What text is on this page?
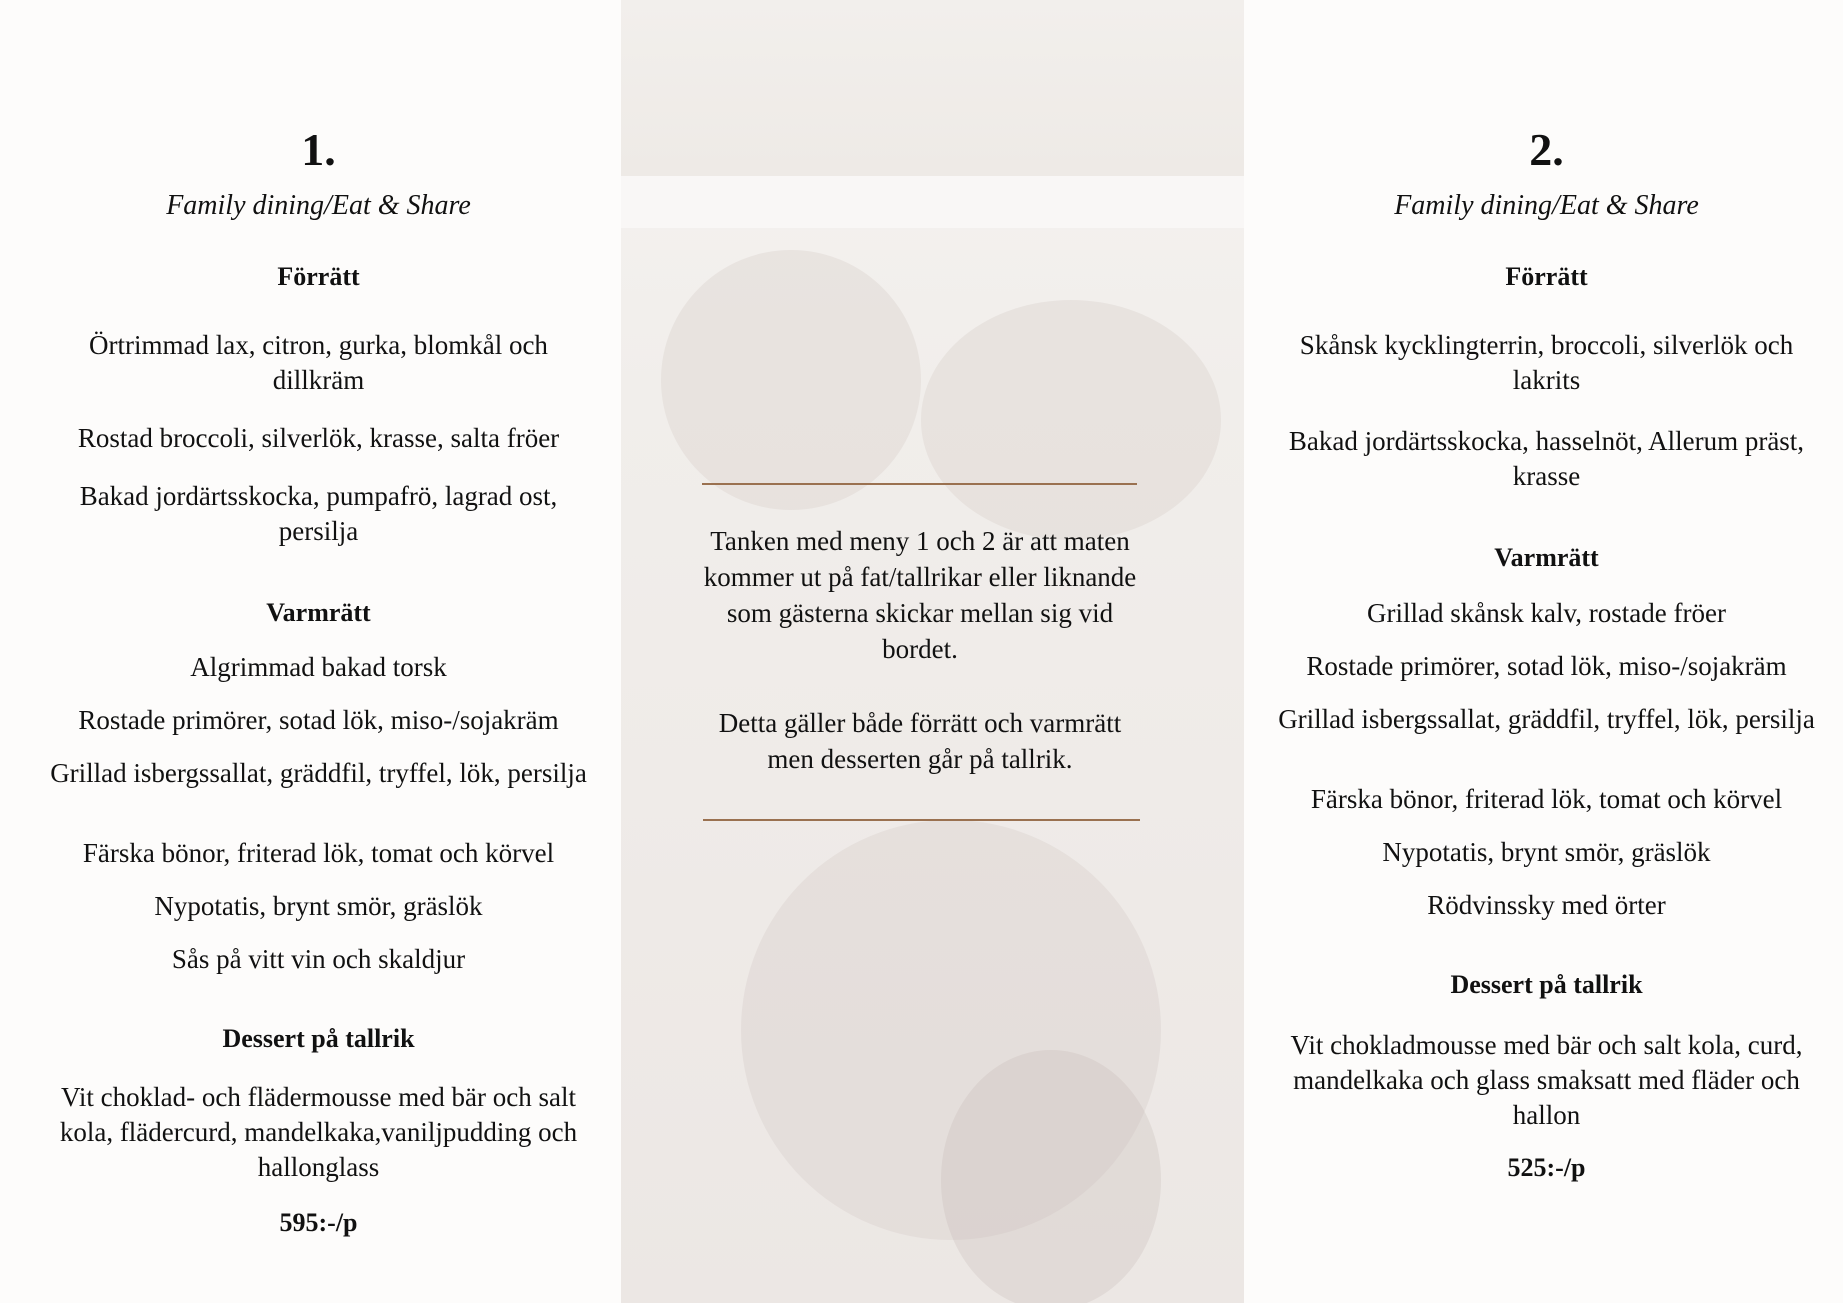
1.
Family dining/Eat & Share
Förrätt
Örtrimmad lax, citron, gurka, blomkål och dillkräm
Rostad broccoli, silverlök, krasse, salta fröer
Bakad jordärtsskocka, pumpafrö, lagrad ost, persilja
Varmrätt
Algrimmad bakad torsk
Rostade primörer, sotad lök, miso-/sojakräm
Grillad isbergssallat, gräddfil, tryffel, lök, persilja
Färska bönor, friterad lök, tomat och körvel
Nypotatis, brynt smör, gräslök
Sås på vitt vin och skaldjur
Dessert på tallrik
Vit choklad- och flädermousse med bär och salt kola, flädercurd, mandelkaka,vaniljpudding och hallonglass
595:-/p
Tanken med meny 1 och 2 är att maten kommer ut på fat/tallrikar eller liknande som gästerna skickar mellan sig vid bordet.
Detta gäller både förrätt och varmrätt men desserten går på tallrik.
2.
Family dining/Eat & Share
Förrätt
Skånsk kycklingterrin, broccoli, silverlök och lakrits
Bakad jordärtsskocka, hasselnöt, Allerum präst, krasse
Varmrätt
Grillad skånsk kalv, rostade fröer
Rostade primörer, sotad lök, miso-/sojakräm
Grillad isbergssallat, gräddfil, tryffel, lök, persilja
Färska bönor, friterad lök, tomat och körvel
Nypotatis, brynt smör, gräslök
Rödvinssky med örter
Dessert på tallrik
Vit chokladmousse med bär och salt kola, curd, mandelkaka och glass smaksatt med fläder och hallon
525:-/p
